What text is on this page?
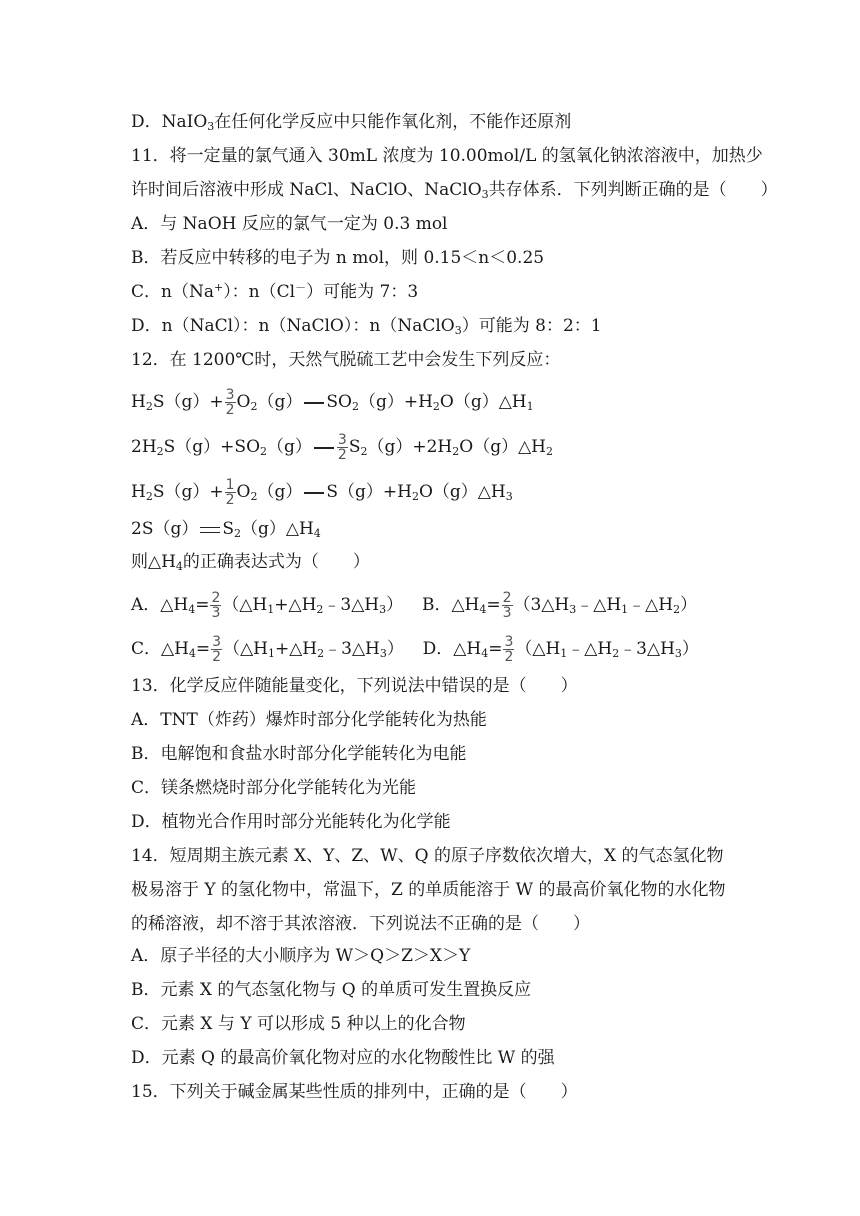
D．NaIO$_3$在任何化学反应中只能作氧化剂，不能作还原剂
11．将一定量的氯气通入 30mL 浓度为 10.00mol/L 的氢氧化钠浓溶液中，加热少
许时间后溶液中形成 NaCl、NaClO、NaClO$_3$共存体系．下列判断正确的是（　　）
A．与 NaOH 反应的氯气一定为 0.3 mol
B．若反应中转移的电子为 n mol，则 0.15＜n＜0.25
C．n（Na+）：n（Cl－）可能为 7：3
D．n（NaCl）：n（NaClO）：n（NaClO$_3$）可能为 8：2：1
12．在 1200℃时，天然气脱硫工艺中会发生下列反应：
$H_2S(g)+ \frac{3}{2} O_2(g)$ $SO_2(g)+H_2O(g)\triangle H_1$
$2H_2S(g)+SO_2(g) \frac{3}{2}$ $S_2(g)+2H_2O(g)\triangle H_2$
$H_2S(g)+ \frac{1}{2} O_2(g)$ $S(g)+H_2O(g)\triangle H_3$
2S（g） $S_2(g)\triangle H_4$
则$\triangle H_4$的正确表达式为（　　）
A．$\triangle H_4= \frac{2}{3}$ $(\triangle H_1+\triangle H_2﹣3\triangle H_3)$ B．$\triangle H_4= \frac{2}{3}$ $(3\triangle H_3﹣\triangle H_1﹣\triangle H_2)$
C．$\triangle H_4= \frac{3}{2}$ $(\triangle H_1+\triangle H_2﹣3\triangle H_3)$ D．$\triangle H_4= \frac{3}{2}$ $(\triangle H_1﹣\triangle H_2﹣3\triangle H_3)$
13．化学反应伴随能量变化，下列说法中错误的是（　　）
A．TNT（炸药）爆炸时部分化学能转化为热能
B．电解饱和食盐水时部分化学能转化为电能
C．镁条燃烧时部分化学能转化为光能
D．植物光合作用时部分光能转化为化学能
14．短周期主族元素 X、Y、Z、W、Q 的原子序数依次增大，X 的气态氢化物
极易溶于 Y 的氢化物中，常温下，Z 的单质能溶于 W 的最高价氧化物的水化物
的稀溶液，却不溶于其浓溶液．下列说法不正确的是（　　）
A．原子半径的大小顺序为 W＞Q＞Z＞X＞Y
B．元素 X 的气态氢化物与 Q 的单质可发生置换反应
C．元素 X 与 Y 可以形成 5 种以上的化合物
D．元素 Q 的最高价氧化物对应的水化物酸性比 W 的强
15．下列关于碱金属某些性质的排列中，正确的是（　　）
